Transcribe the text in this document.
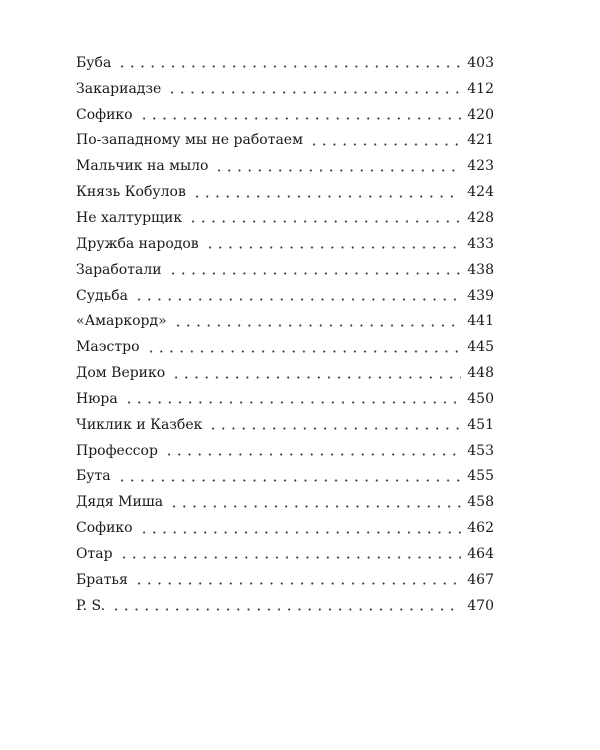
Буба	403
Закариадзе	412
Софико	420
По-западному мы не работаем	421
Мальчик на мыло	423
Князь Кобулов	424
Не халтурщик	428
Дружба народов	433
Заработали	438
Судьба	439
«Амаркорд»	441
Маэстро	445
Дом Верико	448
Нюра	450
Чиклик и Казбек	451
Профессор	453
Бута	455
Дядя Миша	458
Софико	462
Отар	464
Братья	467
P. S.	470
